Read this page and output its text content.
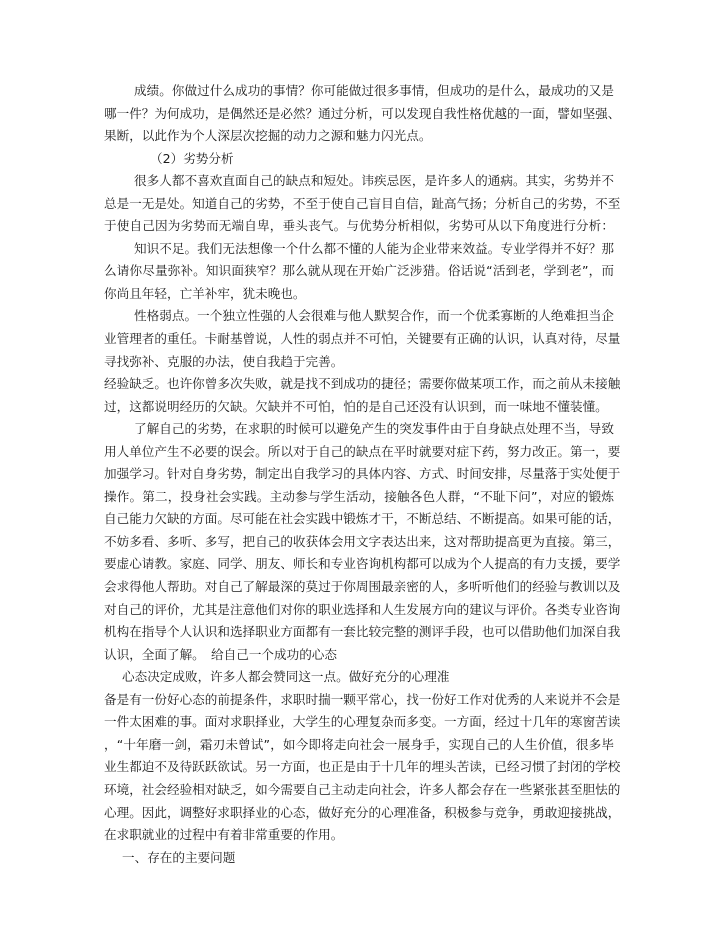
成绩。你做过什么成功的事情？你可能做过很多事情，但成功的是什么，最成功的又是
哪一件？为何成功，是偶然还是必然？通过分析，可以发现自我性格优越的一面，譬如坚强、
果断，以此作为个人深层次挖掘的动力之源和魅力闪光点。
（2）劣势分析
很多人都不喜欢直面自己的缺点和短处。讳疾忌医，是许多人的通病。其实，劣势并不
总是一无是处。知道自己的劣势，不至于使自己盲目自信，趾高气扬；分析自己的劣势，不至
于使自己因为劣势而无端自卑，垂头丧气。与优势分析相似，劣势可从以下角度进行分析：
知识不足。我们无法想像一个什么都不懂的人能为企业带来效益。专业学得并不好？那
么请你尽量弥补。知识面狭窄？那么就从现在开始广泛涉猎。俗话说“活到老，学到老”，而
你尚且年轻，亡羊补牢，犹未晚也。
性格弱点。一个独立性强的人会很难与他人默契合作，而一个优柔寡断的人绝难担当企
业管理者的重任。卡耐基曾说，人性的弱点并不可怕，关键要有正确的认识，认真对待，尽量
寻找弥补、克服的办法，使自我趋于完善。
经验缺乏。也许你曾多次失败，就是找不到成功的捷径；需要你做某项工作，而之前从未接触
过，这都说明经历的欠缺。欠缺并不可怕，怕的是自己还没有认识到，而一味地不懂装懂。
了解自己的劣势，在求职的时候可以避免产生的突发事件由于自身缺点处理不当，导致
用人单位产生不必要的误会。所以对于自己的缺点在平时就要对症下药，努力改正。第一，要
加强学习。针对自身劣势，制定出自我学习的具体内容、方式、时间安排，尽量落于实处便于
操作。第二，投身社会实践。主动参与学生活动，接触各色人群，“不耻下问”，对应的锻炼
自己能力欠缺的方面。尽可能在社会实践中锻炼才干，不断总结、不断提高。如果可能的话，
不妨多看、多听、多写，把自己的收获体会用文字表达出来，这对帮助提高更为直接。第三，
要虚心请教。家庭、同学、朋友、师长和专业咨询机构都可以成为个人提高的有力支援，要学
会求得他人帮助。对自己了解最深的莫过于你周围最亲密的人，多听听他们的经验与教训以及
对自己的评价，尤其是注意他们对你的职业选择和人生发展方向的建议与评价。各类专业咨询
机构在指导个人认识和选择职业方面都有一套比较完整的测评手段，也可以借助他们加深自我
认识，全面了解。　给自己一个成功的心态
心态决定成败，许多人都会赞同这一点。做好充分的心理准
备是有一份好心态的前提条件，求职时揣一颗平常心，找一份好工作对优秀的人来说并不会是
一件太困难的事。面对求职择业，大学生的心理复杂而多变。一方面，经过十几年的寒窗苦读
，“十年磨一剑，霜刃未曾试”，如今即将走向社会一展身手，实现自己的人生价值，很多毕
业生都迫不及待跃跃欲试。另一方面，也正是由于十几年的埋头苦读，已经习惯了封闭的学校
环境，社会经验相对缺乏，如今需要自己主动走向社会，许多人都会存在一些紧张甚至胆怯的
心理。因此，调整好求职择业的心态，做好充分的心理准备，积极参与竞争，勇敢迎接挑战，
在求职就业的过程中有着非常重要的作用。
一、存在的主要问题
